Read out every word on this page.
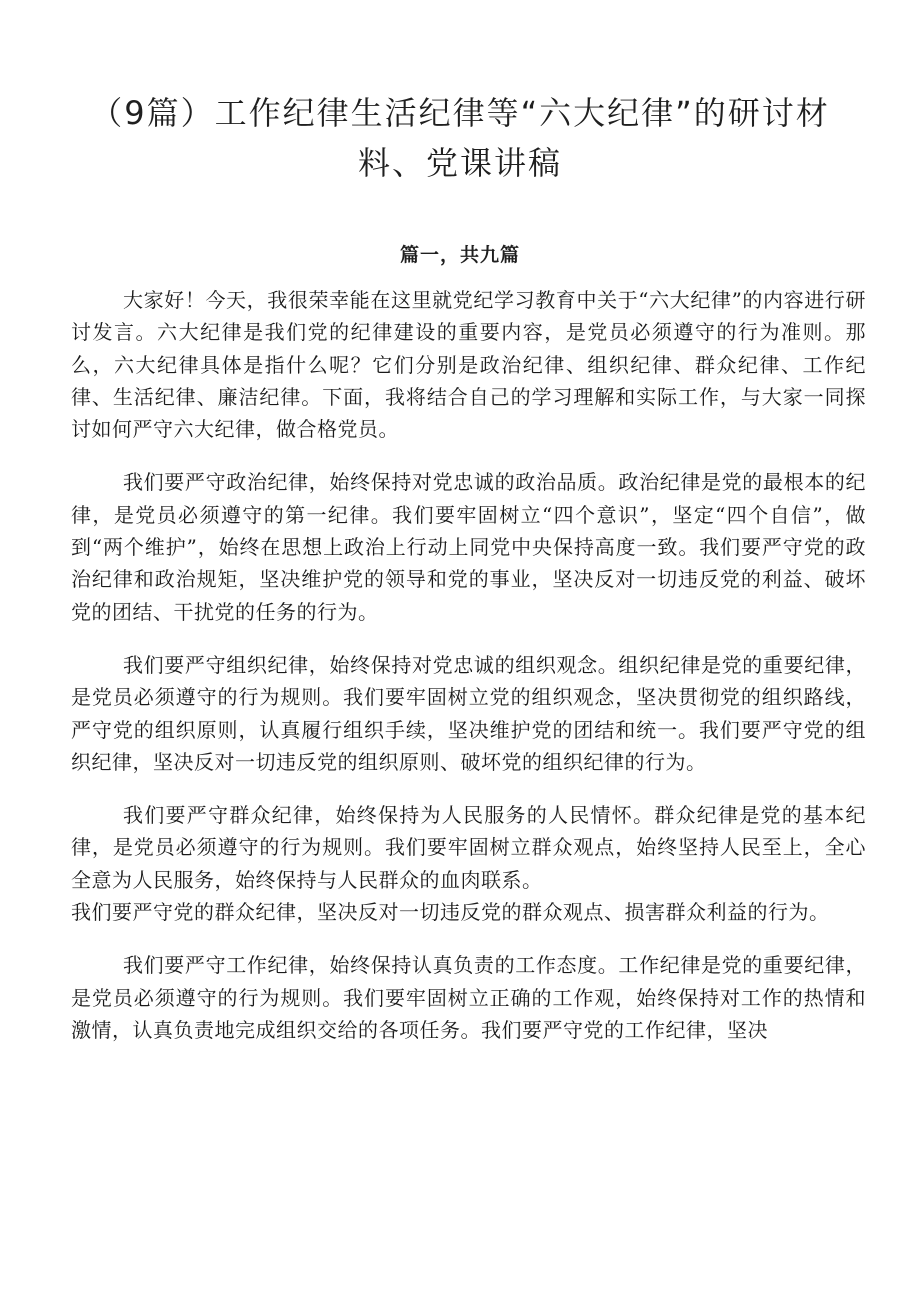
（9篇）工作纪律生活纪律等“六大纪律”的研讨材料、党课讲稿
篇一，共九篇

大家好！今天，我很荣幸能在这里就党纪学习教育中关于“六大纪律”的内容进行研讨发言。六大纪律是我们党的纪律建设的重要内容，是党员必须遵守的行为准则。那么，六大纪律具体是指什么呢？它们分别是政治纪律、组织纪律、群众纪律、工作纪律、生活纪律、廉洁纪律。下面，我将结合自己的学习理解和实际工作，与大家一同探讨如何严守六大纪律，做合格党员。

我们要严守政治纪律，始终保持对党忠诚的政治品质。政治纪律是党的最根本的纪律，是党员必须遵守的第一纪律。我们要牢固树立“四个意识”，坚定“四个自信”，做到“两个维护”，始终在思想上政治上行动上同党中央保持高度一致。我们要严守党的政治纪律和政治规矩，坚决维护党的领导和党的事业，坚决反对一切违反党的利益、破坏党的团结、干扰党的任务的行为。

我们要严守组织纪律，始终保持对党忠诚的组织观念。组织纪律是党的重要纪律，是党员必须遵守的行为规则。我们要牢固树立党的组织观念，坚决贯彻党的组织路线，严守党的组织原则，认真履行组织手续，坚决维护党的团结和统一。我们要严守党的组织纪律，坚决反对一切违反党的组织原则、破坏党的组织纪律的行为。

我们要严守群众纪律，始终保持为人民服务的人民情怀。群众纪律是党的基本纪律，是党员必须遵守的行为规则。我们要牢固树立群众观点，始终坚持人民至上，全心全意为人民服务，始终保持与人民群众的血肉联系。

我们要严守党的群众纪律，坚决反对一切违反党的群众观点、损害群众利益的行为。

我们要严守工作纪律，始终保持认真负责的工作态度。工作纪律是党的重要纪律，是党员必须遵守的行为规则。我们要牢固树立正确的工作观，始终保持对工作的热情和激情，认真负责地完成组织交给的各项任务。我们要严守党的工作纪律，坚决
